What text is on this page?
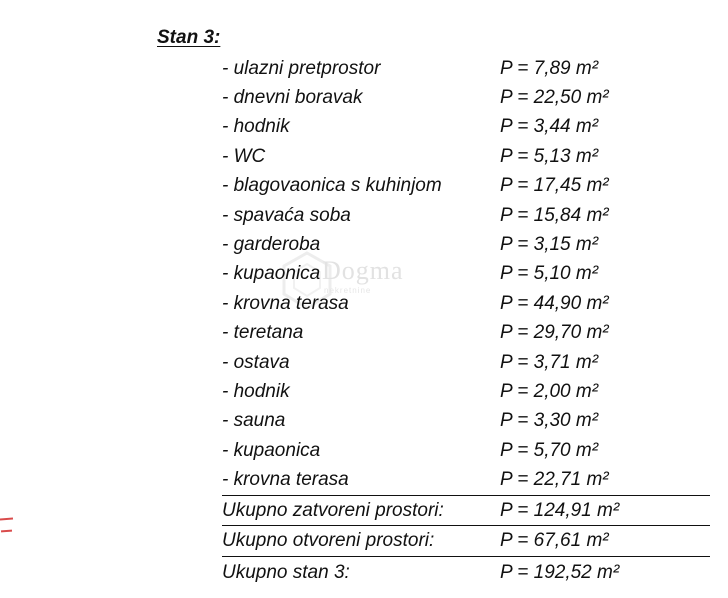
Stan 3:
Dogma
nekretnine
- ulazni pretprostor	P = 7,89 m²
- dnevni boravak	P = 22,50 m²
- hodnik	P = 3,44 m²
- WC	P = 5,13 m²
- blagovaonica s kuhinjom	P = 17,45 m²
- spavaća soba	P = 15,84 m²
- garderoba	P = 3,15 m²
- kupaonica	P = 5,10 m²
- krovna terasa	P = 44,90 m²
- teretana	P = 29,70 m²
- ostava	P = 3,71 m²
- hodnik	P = 2,00 m²
- sauna	P = 3,30 m²
- kupaonica	P = 5,70 m²
- krovna terasa	P = 22,71 m²
Ukupno zatvoreni prostori:	P = 124,91 m²
Ukupno otvoreni prostori:	P = 67,61 m²
Ukupno stan 3:	P = 192,52 m²
